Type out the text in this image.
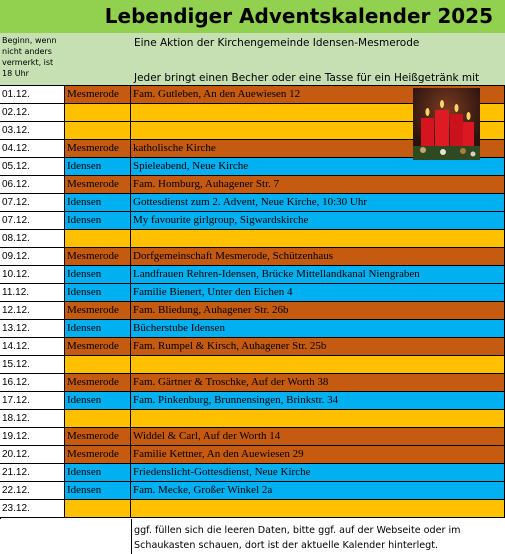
Lebendiger Adventskalender 2025
Beginn, wenn nicht anders vermerkt, ist 18 Uhr
Eine Aktion der Kirchengemeinde Idensen-Mesmerode
Jeder bringt einen Becher oder eine Tasse für ein Heißgetränk mit
01.12.	Mesmerode	Fam. Gutleben, An den Auewiesen 12
02.12.
03.12.
04.12.	Mesmerode	katholische Kirche
05.12.	Idensen	Spieleabend, Neue Kirche
06.12.	Mesmerode	Fam. Homburg, Auhagener Str. 7
07.12.	Idensen	Gottesdienst zum 2. Advent, Neue Kirche, 10:30 Uhr
07.12.	Idensen	My favourite girlgroup, Sigwardskirche
08.12.
09.12.	Mesmerode	Dorfgemeinschaft Mesmerode, Schützenhaus
10.12.	Idensen	Landfrauen Rehren-Idensen, Brücke Mittellandkanal Niengraben
11.12.	Idensen	Familie Bienert, Unter den Eichen 4
12.12.	Mesmerode	Fam. Bliedung, Auhagener Str. 26b
13.12.	Idensen	Bücherstube Idensen
14.12.	Mesmerode	Fam. Rumpel & Kirsch, Auhagener Str. 25b
15.12.
16.12.	Mesmerode	Fam. Gärtner & Troschke, Auf der Worth 38
17.12.	Idensen	Fam. Pinkenburg, Brunnensingen, Brinkstr. 34
18.12.
19.12.	Mesmerode	Widdel & Carl, Auf der Worth 14
20.12.	Mesmerode	Familie Kettner, An den Auewiesen 29
21.12.	Idensen	Friedenslicht-Gottesdienst, Neue Kirche
22.12.	Idensen	Fam. Mecke, Großer Winkel 2a
23.12.
ggf. füllen sich die leeren Daten, bitte ggf. auf der Webseite oder im Schaukasten schauen, dort ist der aktuelle Kalender hinterlegt.
